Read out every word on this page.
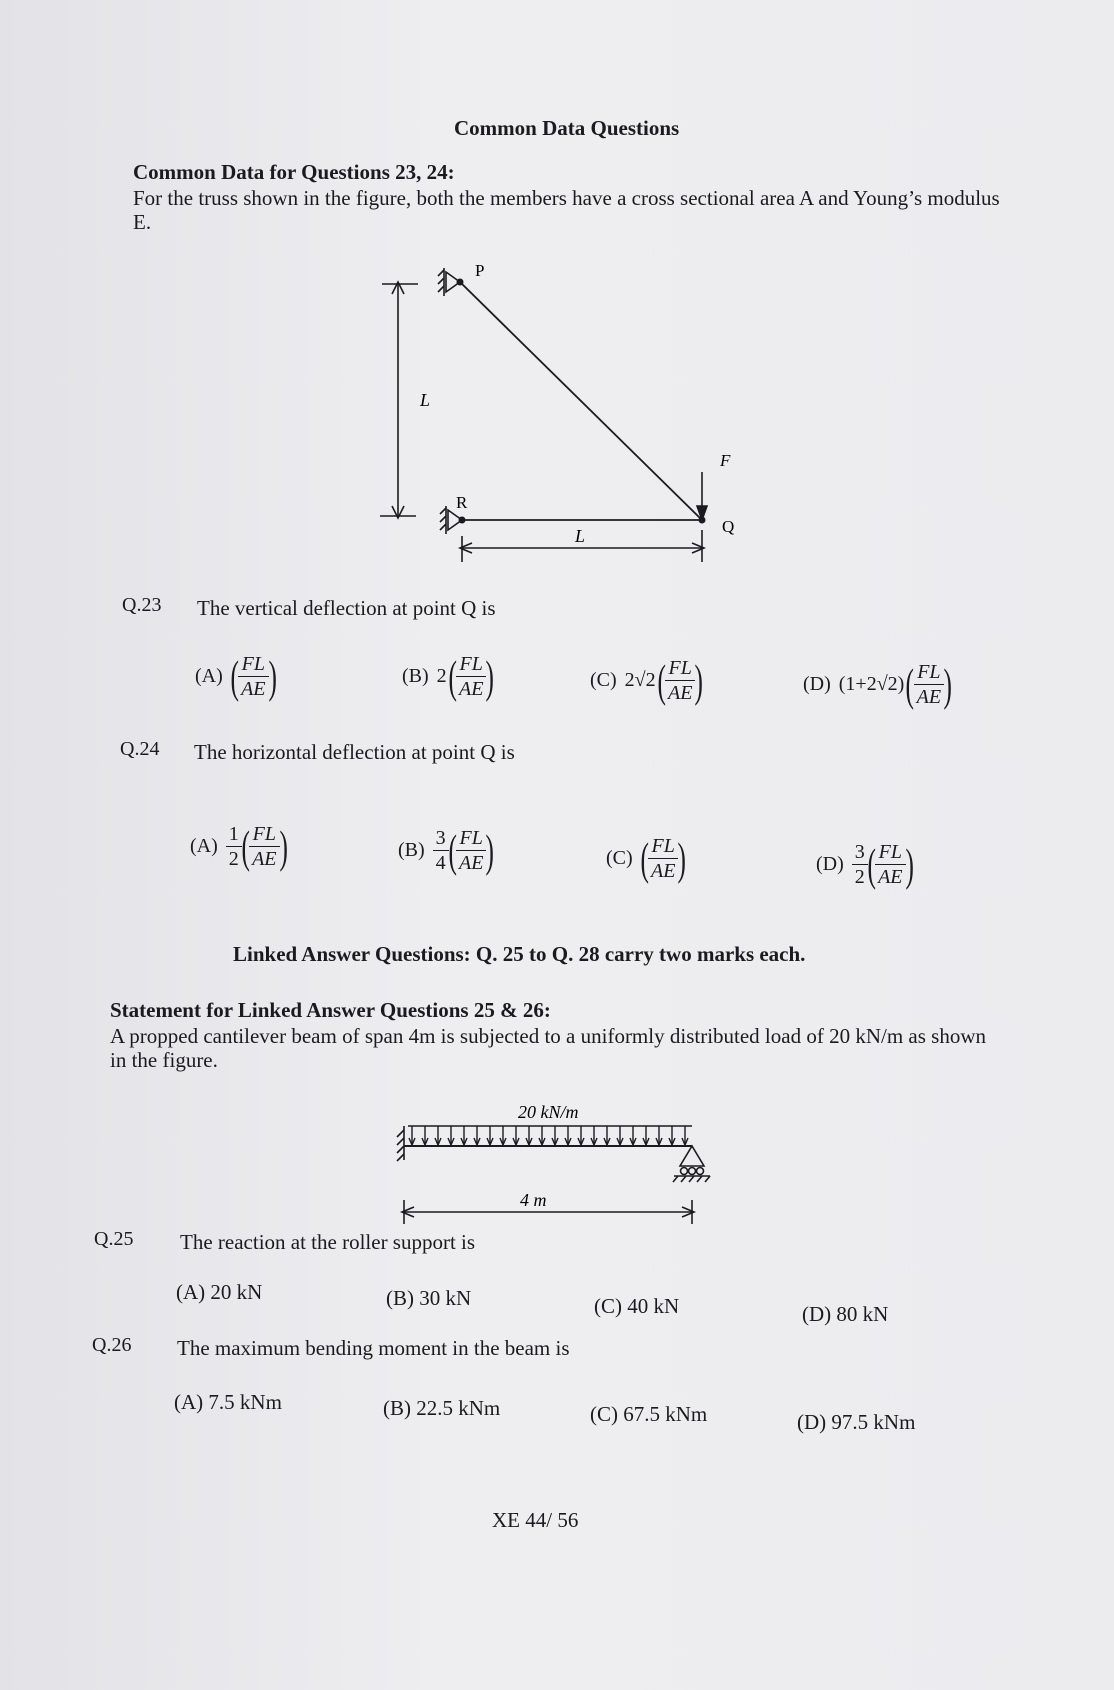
Common Data Questions
Common Data for Questions 23, 24:
For the truss shown in the figure, both the members have a cross sectional area A and Young’s modulus E.
P
R
Q
F
L
L
Q.23 The vertical deflection at point Q is
(A) ( $\frac{FL}{AE}$ )	(B) 2 ( $\frac{FL}{AE}$ )	(C) 2√2 ( $\frac{FL}{AE}$ )	(D) (1+2√2) ( $\frac{FL}{AE}$ )
Q.24 The horizontal deflection at point Q is
$(A) \frac{1}{2}$ ( $\frac{FL}{AE}$ )	$(B) \frac{3}{4}$ ( $\frac{FL}{AE}$ )	(C) ( $\frac{FL}{AE}$ )	$(D) \frac{3}{2}$ ( $\frac{FL}{AE}$ )
Linked Answer Questions: Q. 25 to Q. 28 carry two marks each.
Statement for Linked Answer Questions 25 & 26:
A propped cantilever beam of span 4m is subjected to a uniformly distributed load of 20 kN/m as shown in the figure.
20 kN/m
4 m
Q.25 The reaction at the roller support is
(A) 20 kN	(B) 30 kN	(C) 40 kN	(D) 80 kN
Q.26 The maximum bending moment in the beam is
(A) 7.5 kNm	(B) 22.5 kNm	(C) 67.5 kNm	(D) 97.5 kNm
XE 44/ 56
